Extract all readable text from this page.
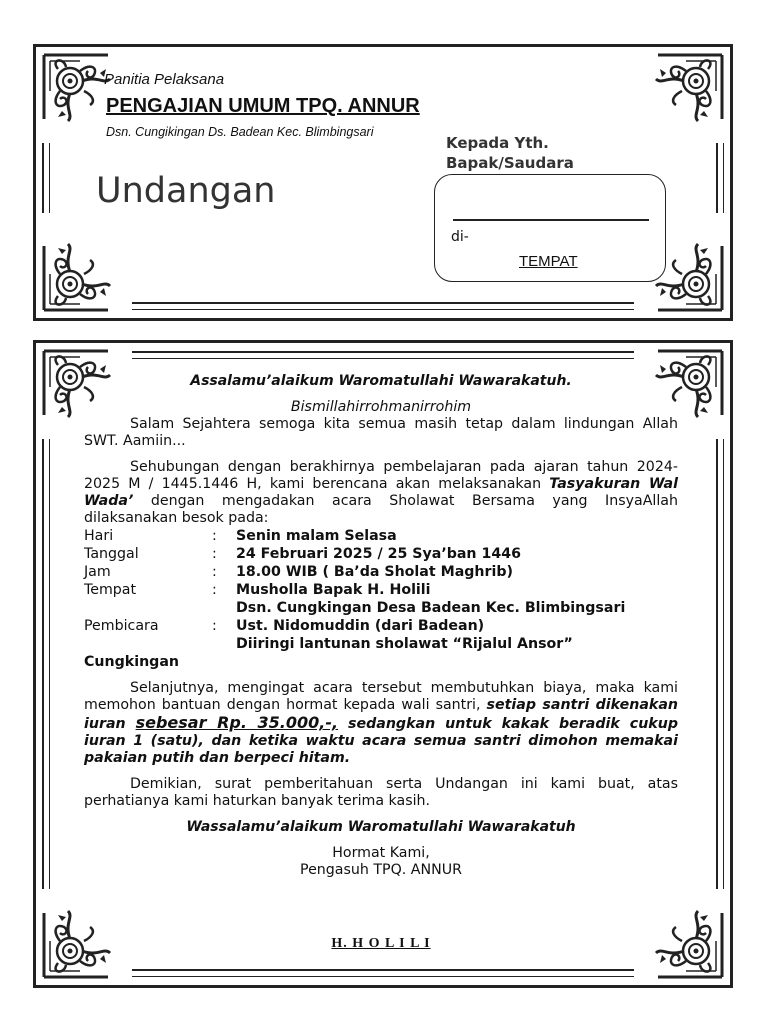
Panitia Pelaksana
PENGAJIAN UMUM TPQ. ANNUR
Dsn. Cungikingan Ds. Badean Kec. Blimbingsari
Undangan
Kepada Yth.
Bapak/Saudara
di-
TEMPAT
Assalamu’alaikum Waromatullahi Wawarakatuh.
Bismillahirrohmanirrohim

Salam Sejahtera semoga kita semua masih tetap dalam lindungan Allah SWT. Aamiin...

Sehubungan dengan berakhirnya pembelajaran pada ajaran tahun 2024-2025 M / 1445.1446 H, kami berencana akan melaksanakan Tasyakuran Wal Wada’ dengan mengadakan acara Sholawat Bersama yang InsyaAllah dilaksanakan besok pada:

Hari	:	Senin malam Selasa
Tanggal	:	24 Februari 2025 / 25 Sya’ban 1446
Jam	:	18.00 WIB ( Ba’da Sholat Maghrib)
Tempat	:	Musholla Bapak H. Holili
		Dsn. Cungkingan Desa Badean Kec. Blimbingsari
Pembicara	:	Ust. Nidomuddin (dari Badean)
		Diiringi lantunan sholawat “Rijalul Ansor”
Cungkingan

Selanjutnya, mengingat acara tersebut membutuhkan biaya, maka kami memohon bantuan dengan hormat kepada wali santri, setiap santri dikenakan iuran sebesar Rp. 35.000,-, sedangkan untuk kakak beradik cukup iuran 1 (satu), dan ketika waktu acara semua santri dimohon memakai pakaian putih dan berpeci hitam.

Demikian, surat pemberitahuan serta Undangan ini kami buat, atas perhatianya kami haturkan banyak terima kasih.

Wassalamu’alaikum Waromatullahi Wawarakatuh
Hormat Kami,
Pengasuh TPQ. ANNUR
H. H O L I L I
